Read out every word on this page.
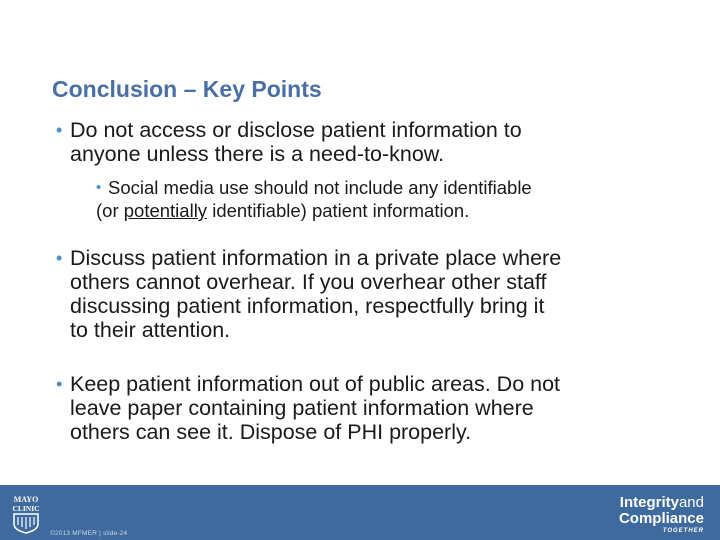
Conclusion – Key Points
• Do not access or disclose patient information to
anyone unless there is a need-to-know.
• Social media use should not include any identifiable
(or potentially identifiable) patient information.
• Discuss patient information in a private place where
others cannot overhear. If you overhear other staff
discussing patient information, respectfully bring it
to their attention.
• Keep patient information out of public areas. Do not
leave paper containing patient information where
others can see it. Dispose of PHI properly.
MAYO
CLINIC
©2013 MFMER | slide-24
Integrityand
Compliance
TOGETHER
